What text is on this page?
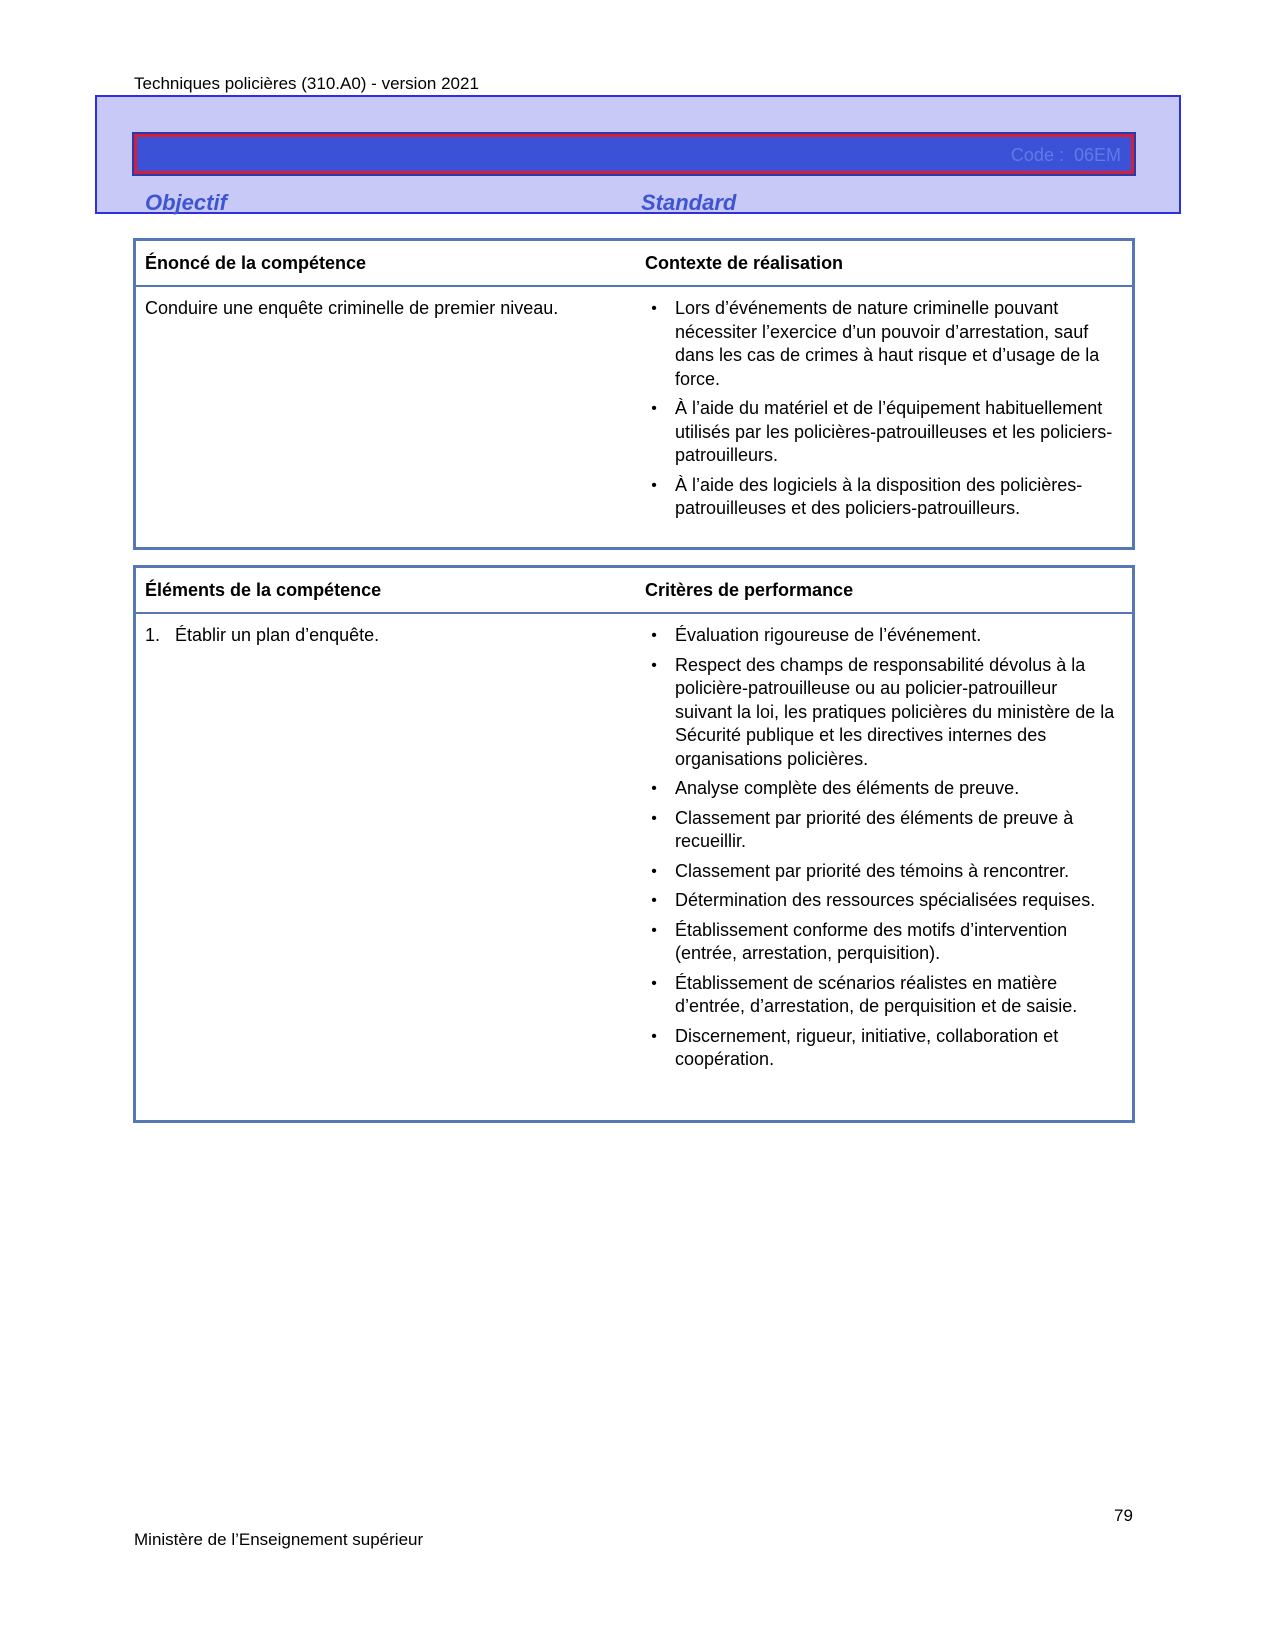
Techniques policières (310.A0) - version 2021
Code : 06EM
Objectif	Standard
Énoncé de la compétence	Contexte de réalisation
Conduire une enquête criminelle de premier niveau.	• Lors d’événements de nature criminelle pouvant nécessiter l’exercice d’un pouvoir d’arrestation, sauf dans les cas de crimes à haut risque et d’usage de la force.
• À l’aide du matériel et de l’équipement habituellement utilisés par les policières-patrouilleuses et les policiers-patrouilleurs.
• À l’aide des logiciels à la disposition des policières-patrouilleuses et des policiers-patrouilleurs.
Éléments de la compétence	Critères de performance
1.   Établir un plan d’enquête.	• Évaluation rigoureuse de l’événement.
• Respect des champs de responsabilité dévolus à la policière-patrouilleuse ou au policier-patrouilleur suivant la loi, les pratiques policières du ministère de la Sécurité publique et les directives internes des organisations policières.
• Analyse complète des éléments de preuve.
• Classement par priorité des éléments de preuve à recueillir.
• Classement par priorité des témoins à rencontrer.
• Détermination des ressources spécialisées requises.
• Établissement conforme des motifs d’intervention (entrée, arrestation, perquisition).
• Établissement de scénarios réalistes en matière d’entrée, d’arrestation, de perquisition et de saisie.
• Discernement, rigueur, initiative, collaboration et coopération.
79
Ministère de l’Enseignement supérieur
